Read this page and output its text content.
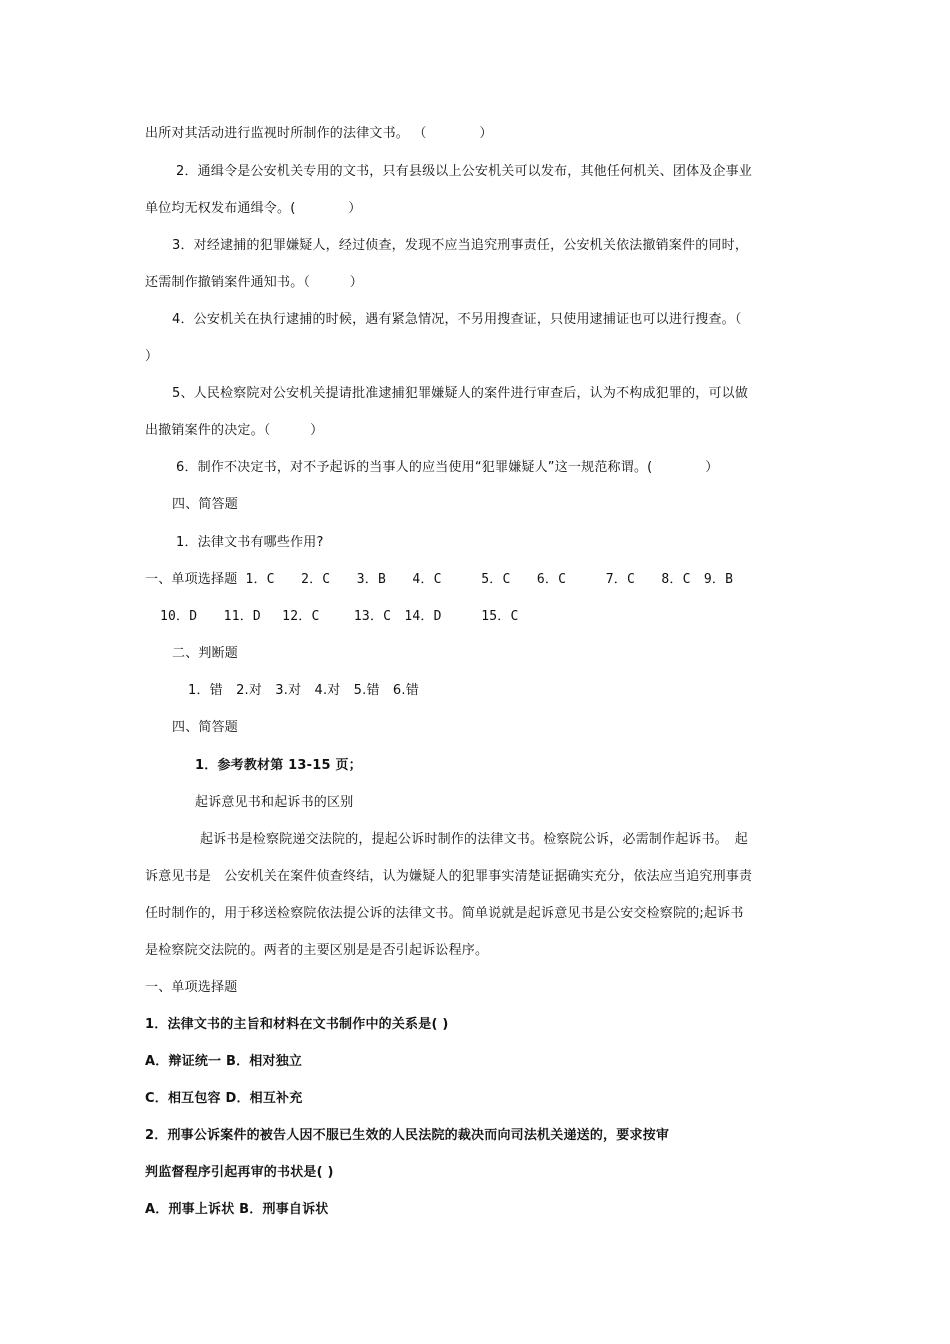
出所对其活动进行监视时所制作的法律文书。 （　　　　）
2．通缉令是公安机关专用的文书，只有县级以上公安机关可以发布，其他任何机关、团体及企事业
单位均无权发布通缉令。(　　　　）
3．对经逮捕的犯罪嫌疑人，经过侦查，发现不应当追究刑事责任，公安机关依法撤销案件的同时，
还需制作撤销案件通知书。（　　　）
4．公安机关在执行逮捕的时候，遇有紧急情况，不另用搜查证，只使用逮捕证也可以进行搜查。（
）
5、人民检察院对公安机关提请批准逮捕犯罪嫌疑人的案件进行审查后，认为不构成犯罪的，可以做
出撤销案件的决定。（　　　）
6．制作不决定书，对不予起诉的当事人的应当使用“犯罪嫌疑人”这一规范称谓。(　　　　）
四、简答题
1．法律文书有哪些作用?
一、单项选择题 1．C　　2．C　　3．B　　4．C　　　5．C　　6．C　　　7．C　　8．C　9．B
10．D　　11．D　 12．C　　 13．C　14．D　　　15．C
二、判断题
1．错　2.对　3.对　4.对　5.错　6.错
四、简答题
1．参考教材第 13-15 页；
起诉意见书和起诉书的区别
起诉书是检察院递交法院的，提起公诉时制作的法律文书。检察院公诉，必需制作起诉书。　起
诉意见书是　公安机关在案件侦查终结，认为嫌疑人的犯罪事实清楚证据确实充分，依法应当追究刑事责
任时制作的，用于移送检察院依法提公诉的法律文书。简单说就是起诉意见书是公安交检察院的;起诉书
是检察院交法院的。两者的主要区别是是否引起诉讼程序。
一、单项选择题
1．法律文书的主旨和材料在文书制作中的关系是( )
A．辩证统一 B．相对独立
C．相互包容 D．相互补充
2．刑事公诉案件的被告人因不服已生效的人民法院的裁决而向司法机关递送的，要求按审
判监督程序引起再审的书状是( )
A．刑事上诉状 B．刑事自诉状
